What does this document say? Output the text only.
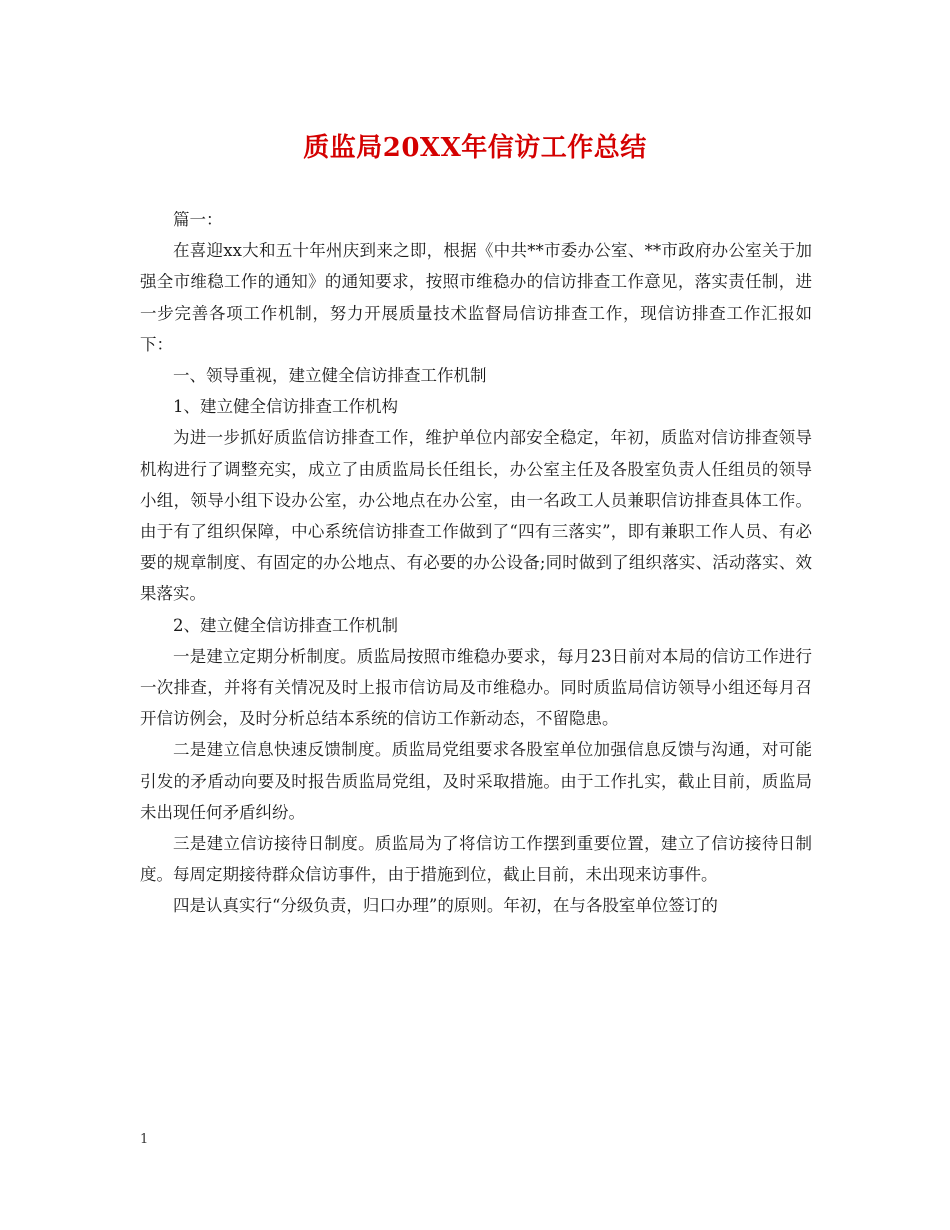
质监局20XX年信访工作总结

篇一：

在喜迎xx大和五十年州庆到来之即，根据《中共**市委办公室、**市政府办公室关于加强全市维稳工作的通知》的通知要求，按照市维稳办的信访排查工作意见，落实责任制，进一步完善各项工作机制，努力开展质量技术监督局信访排查工作，现信访排查工作汇报如下：

一、领导重视，建立健全信访排查工作机制

1、建立健全信访排查工作机构

为进一步抓好质监信访排查工作，维护单位内部安全稳定，年初，质监对信访排查领导机构进行了调整充实，成立了由质监局长任组长，办公室主任及各股室负责人任组员的领导小组，领导小组下设办公室，办公地点在办公室，由一名政工人员兼职信访排查具体工作。由于有了组织保障，中心系统信访排查工作做到了“四有三落实”，即有兼职工作人员、有必要的规章制度、有固定的办公地点、有必要的办公设备;同时做到了组织落实、活动落实、效果落实。

2、建立健全信访排查工作机制

一是建立定期分析制度。质监局按照市维稳办要求，每月23日前对本局的信访工作进行一次排查，并将有关情况及时上报市信访局及市维稳办。同时质监局信访领导小组还每月召开信访例会，及时分析总结本系统的信访工作新动态，不留隐患。

二是建立信息快速反馈制度。质监局党组要求各股室单位加强信息反馈与沟通，对可能引发的矛盾动向要及时报告质监局党组，及时采取措施。由于工作扎实，截止目前，质监局未出现任何矛盾纠纷。

三是建立信访接待日制度。质监局为了将信访工作摆到重要位置，建立了信访接待日制度。每周定期接待群众信访事件，由于措施到位，截止目前，未出现来访事件。

四是认真实行“分级负责，归口办理”的原则。年初，在与各股室单位签订的

1
